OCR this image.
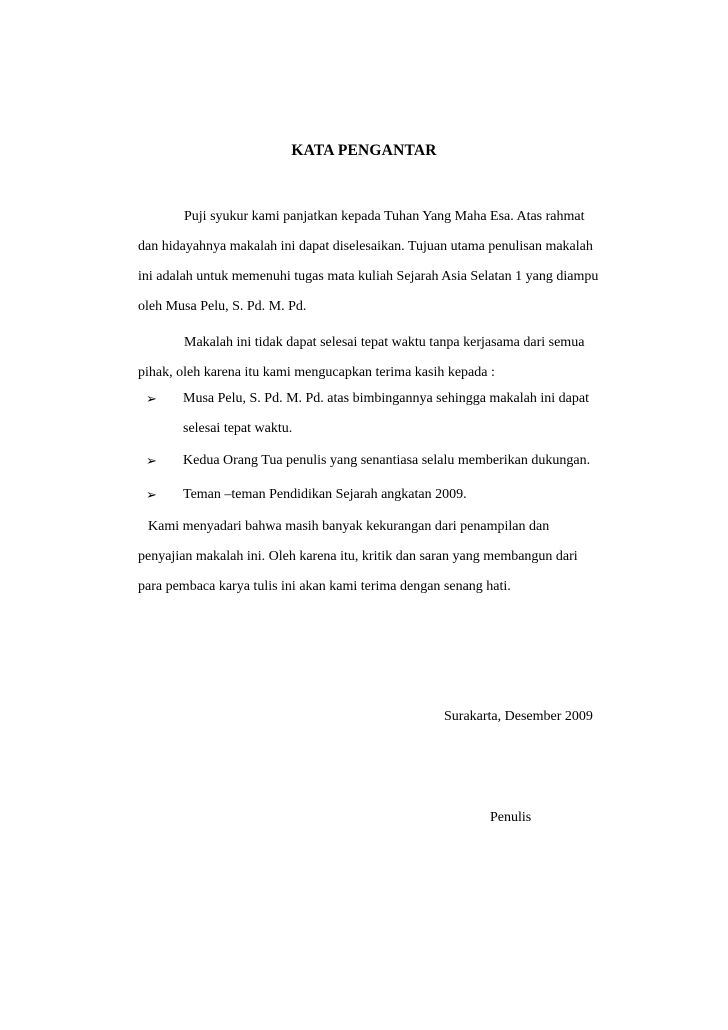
KATA PENGANTAR
Puji syukur kami panjatkan kepada Tuhan Yang Maha Esa. Atas rahmat
dan hidayahnya makalah ini dapat diselesaikan. Tujuan utama penulisan makalah
ini adalah untuk memenuhi tugas mata kuliah Sejarah Asia Selatan 1 yang diampu
oleh Musa Pelu, S. Pd. M. Pd.
Makalah ini tidak dapat selesai tepat waktu tanpa kerjasama dari semua
pihak, oleh karena itu kami mengucapkan terima kasih kepada :
➢	Musa Pelu, S. Pd. M. Pd. atas bimbingannya sehingga makalah ini dapat
selesai tepat waktu.
➢	Kedua Orang Tua penulis yang senantiasa selalu memberikan dukungan.
➢	Teman –teman Pendidikan Sejarah angkatan 2009.
Kami menyadari bahwa masih banyak kekurangan dari penampilan dan
penyajian makalah ini. Oleh karena itu, kritik dan saran yang membangun dari
para pembaca karya tulis ini akan kami terima dengan senang hati.
Surakarta, Desember 2009
Penulis
